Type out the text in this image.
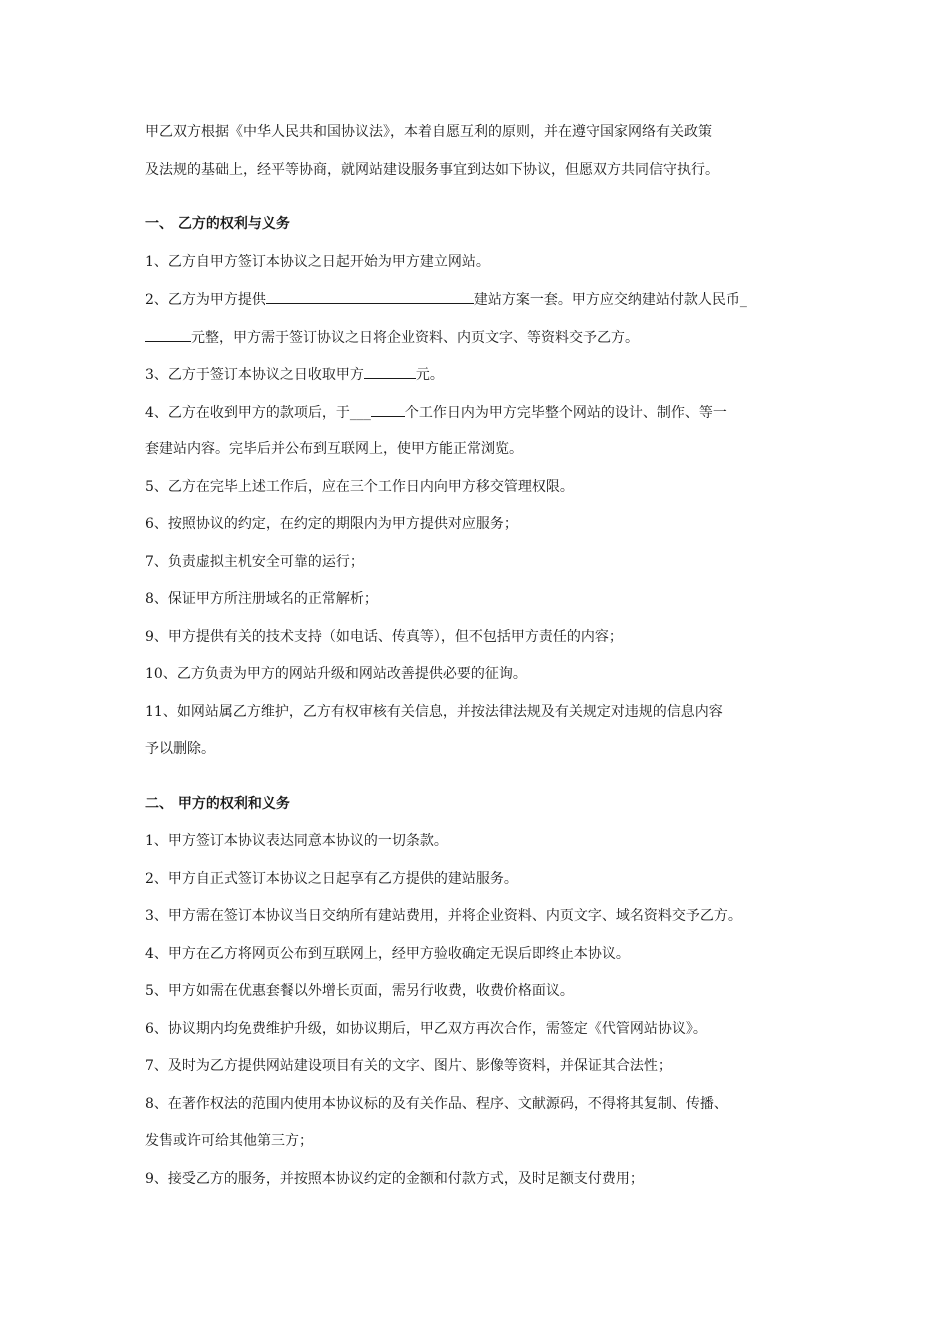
甲乙双方根据《中华人民共和国协议法》，本着自愿互利的原则，并在遵守国家网络有关政策
及法规的基础上，经平等协商，就网站建设服务事宜到达如下协议，但愿双方共同信守执行。
一、 乙方的权利与义务
1、乙方自甲方签订本协议之日起开始为甲方建立网站。
2、乙方为甲方提供	建站方案一套。甲方应交纳建站付款人民币_
元整，甲方需于签订协议之日将企业资料、内页文字、等资料交予乙方。
3、乙方于签订本协议之日收取甲方	元。
4、乙方在收到甲方的款项后，于___ 个工作日内为甲方完毕整个网站的设计、制作、等一
套建站内容。完毕后并公布到互联网上，使甲方能正常浏览。
5、乙方在完毕上述工作后，应在三个工作日内向甲方移交管理权限。
6、按照协议的约定，在约定的期限内为甲方提供对应服务；
7、负责虚拟主机安全可靠的运行；
8、保证甲方所注册域名的正常解析；
9、甲方提供有关的技术支持（如电话、传真等），但不包括甲方责任的内容；
10、乙方负责为甲方的网站升级和网站改善提供必要的征询。
11、如网站属乙方维护，乙方有权审核有关信息，并按法律法规及有关规定对违规的信息内容
予以删除。
二、 甲方的权利和义务
1、甲方签订本协议表达同意本协议的一切条款。
2、甲方自正式签订本协议之日起享有乙方提供的建站服务。
3、甲方需在签订本协议当日交纳所有建站费用，并将企业资料、内页文字、域名资料交予乙方。
4、甲方在乙方将网页公布到互联网上，经甲方验收确定无误后即终止本协议。
5、甲方如需在优惠套餐以外增长页面，需另行收费，收费价格面议。
6、协议期内均免费维护升级，如协议期后，甲乙双方再次合作，需签定《代管网站协议》。
7、及时为乙方提供网站建设项目有关的文字、图片、影像等资料，并保证其合法性；
8、在著作权法的范围内使用本协议标的及有关作品、程序、文献源码，不得将其复制、传播、
发售或许可给其他第三方；
9、接受乙方的服务，并按照本协议约定的金额和付款方式，及时足额支付费用；
